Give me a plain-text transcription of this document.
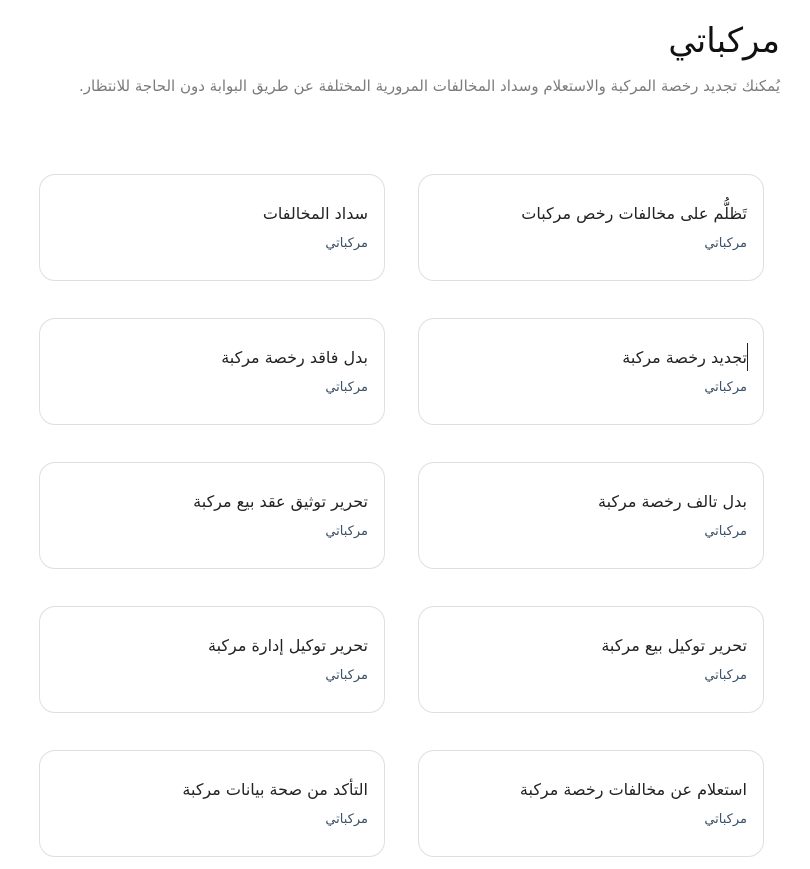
مركباتي

يُمكنك تجديد رخصة المركبة والاستعلام وسداد المخالفات المرورية المختلفة عن طريق البوابة دون الحاجة للانتظار.

تَظلُّم على مخالفات رخص مركبات
مركباتي
سداد المخالفات
مركباتي
تجديد رخصة مركبة
مركباتي
بدل فاقد رخصة مركبة
مركباتي
بدل تالف رخصة مركبة
مركباتي
تحرير توثيق عقد بيع مركبة
مركباتي
تحرير توكيل بيع مركبة
مركباتي
تحرير توكيل إدارة مركبة
مركباتي
استعلام عن مخالفات رخصة مركبة
مركباتي
التأكد من صحة بيانات مركبة
مركباتي
